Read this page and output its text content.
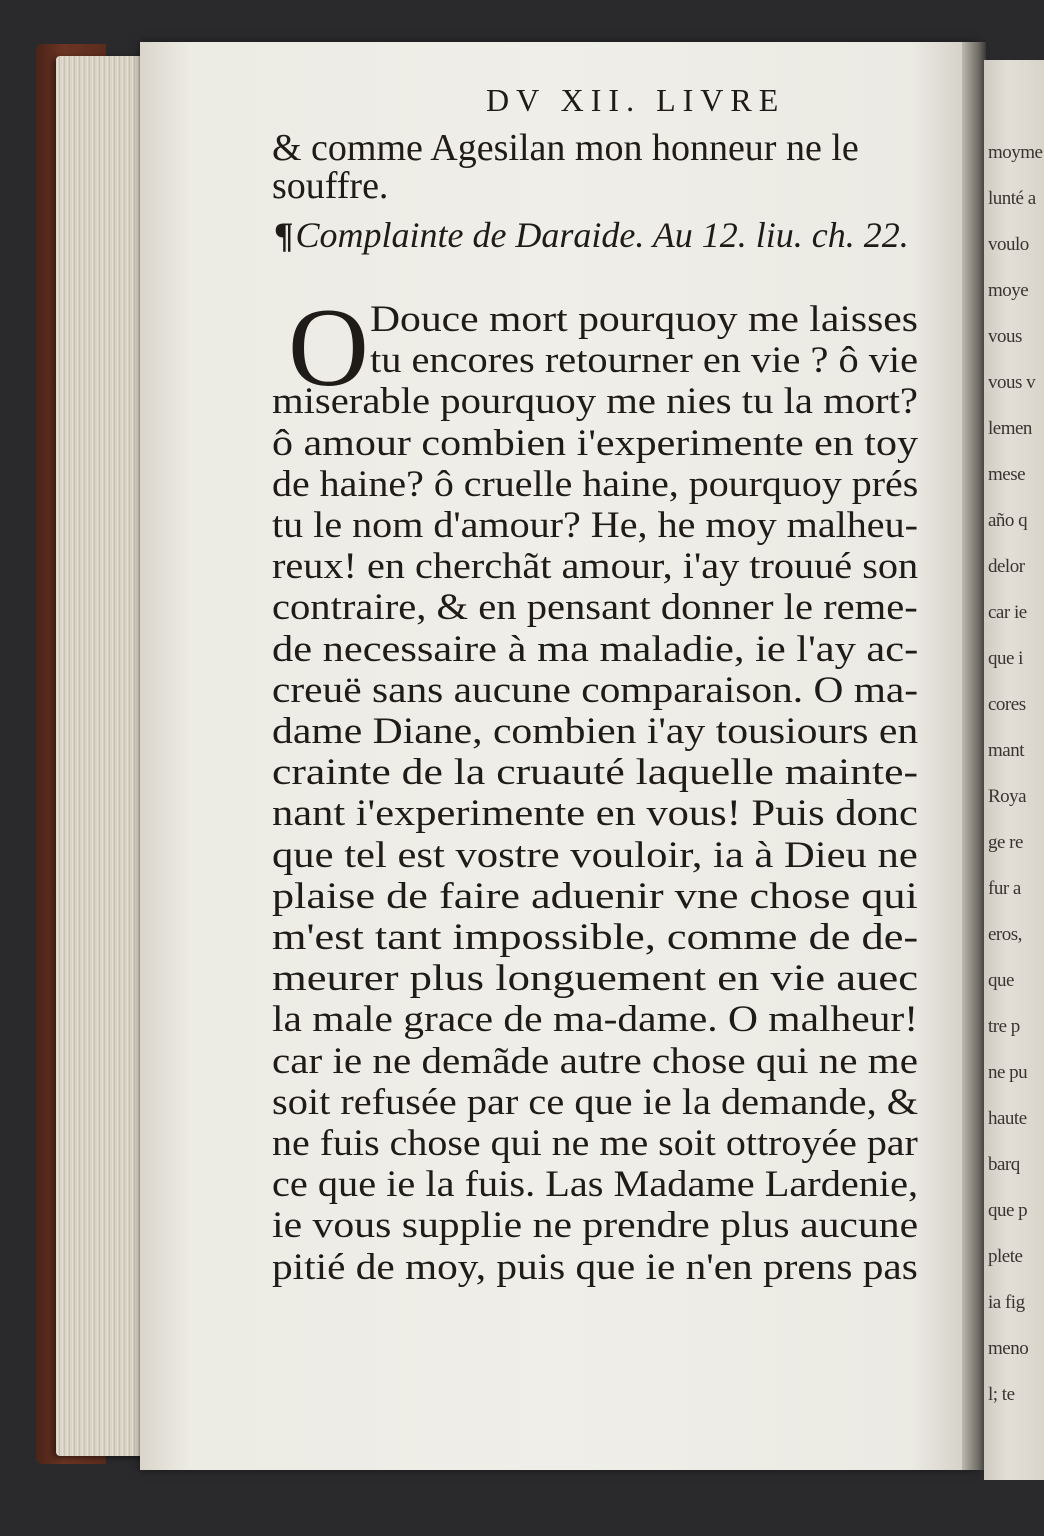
moyme
lunté a
voulo
moye
vous
vous v
lemen
mese
año q
delor
car ie
que i
cores
mant
Roya
ge re
fur a
eros,
que
tre p
ne pu
haute
barq
que p
plete
ia fig
meno
l; te
DV XII. LIVRE
& comme Agesilan mon honneur ne le
souffre.
¶Complainte de Daraide. Au 12. liu. ch. 22.
O Douce mort pourquoy me laisses
tu encores retourner en vie ? ô vie
miserable pourquoy me nies tu la mort?
ô amour combien i'experimente en toy
de haine? ô cruelle haine, pourquoy prés
tu le nom d'amour? He, he moy malheu-
reux! en cherchãt amour, i'ay trouué son
contraire, & en pensant donner le reme-
de necessaire à ma maladie, ie l'ay ac-
creuë sans aucune comparaison. O ma-
dame Diane, combien i'ay tousiours en
crainte de la cruauté laquelle mainte-
nant i'experimente en vous! Puis donc
que tel est vostre vouloir, ia à Dieu ne
plaise de faire aduenir vne chose qui
m'est tant impossible, comme de de-
meurer plus longuement en vie auec
la male grace de ma-dame. O malheur!
car ie ne demãde autre chose qui ne me
soit refusée par ce que ie la demande, &
ne fuis chose qui ne me soit ottroyée par
ce que ie la fuis. Las Madame Lardenie,
ie vous supplie ne prendre plus aucune
pitié de moy, puis que ie n'en prens pas
